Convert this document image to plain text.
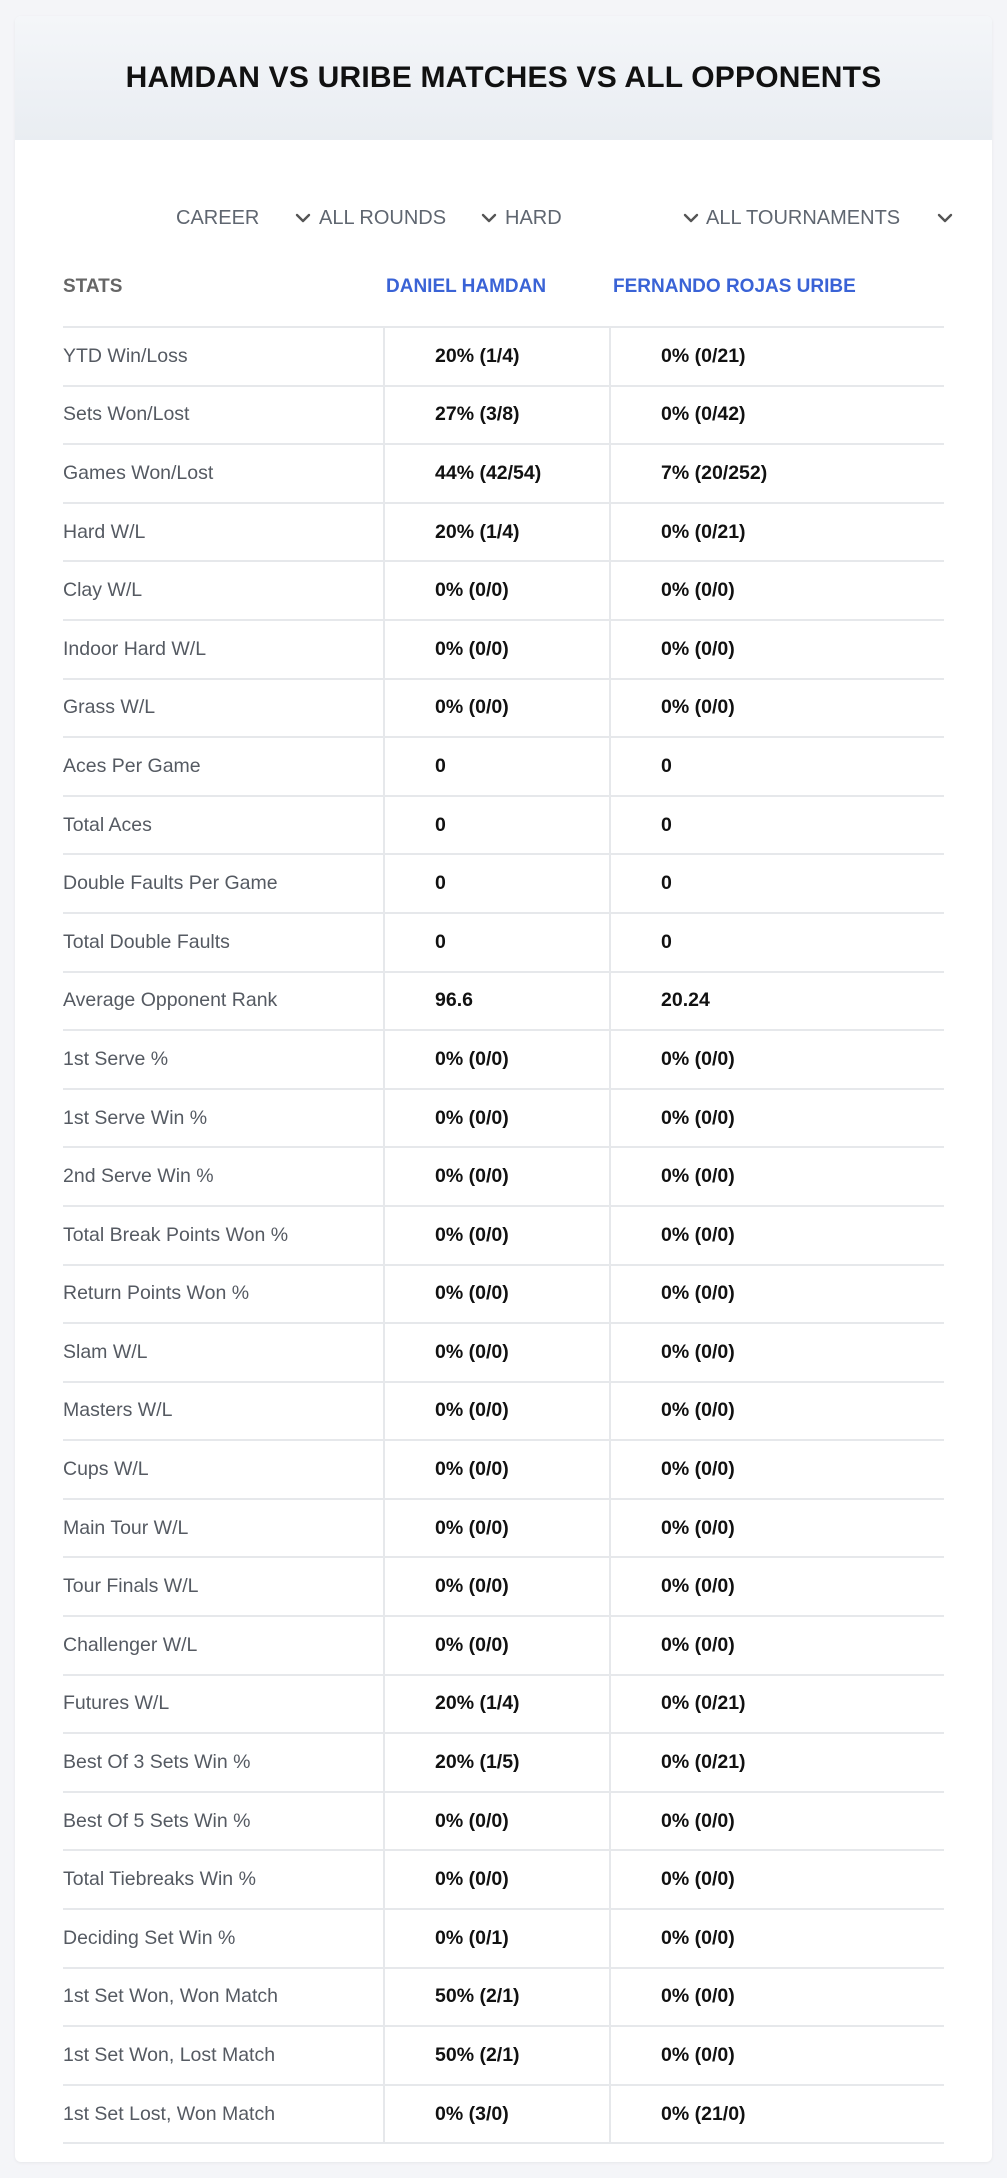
HAMDAN VS URIBE MATCHES VS ALL OPPONENTS
CAREER	ALL ROUNDS	HARD	ALL TOURNAMENTS
STATS	DANIEL HAMDAN	FERNANDO ROJAS URIBE
YTD Win/Loss	20% (1/4)	0% (0/21)
Sets Won/Lost	27% (3/8)	0% (0/42)
Games Won/Lost	44% (42/54)	7% (20/252)
Hard W/L	20% (1/4)	0% (0/21)
Clay W/L	0% (0/0)	0% (0/0)
Indoor Hard W/L	0% (0/0)	0% (0/0)
Grass W/L	0% (0/0)	0% (0/0)
Aces Per Game	0	0
Total Aces	0	0
Double Faults Per Game	0	0
Total Double Faults	0	0
Average Opponent Rank	96.6	20.24
1st Serve %	0% (0/0)	0% (0/0)
1st Serve Win %	0% (0/0)	0% (0/0)
2nd Serve Win %	0% (0/0)	0% (0/0)
Total Break Points Won %	0% (0/0)	0% (0/0)
Return Points Won %	0% (0/0)	0% (0/0)
Slam W/L	0% (0/0)	0% (0/0)
Masters W/L	0% (0/0)	0% (0/0)
Cups W/L	0% (0/0)	0% (0/0)
Main Tour W/L	0% (0/0)	0% (0/0)
Tour Finals W/L	0% (0/0)	0% (0/0)
Challenger W/L	0% (0/0)	0% (0/0)
Futures W/L	20% (1/4)	0% (0/21)
Best Of 3 Sets Win %	20% (1/5)	0% (0/21)
Best Of 5 Sets Win %	0% (0/0)	0% (0/0)
Total Tiebreaks Win %	0% (0/0)	0% (0/0)
Deciding Set Win %	0% (0/1)	0% (0/0)
1st Set Won, Won Match	50% (2/1)	0% (0/0)
1st Set Won, Lost Match	50% (2/1)	0% (0/0)
1st Set Lost, Won Match	0% (3/0)	0% (21/0)
